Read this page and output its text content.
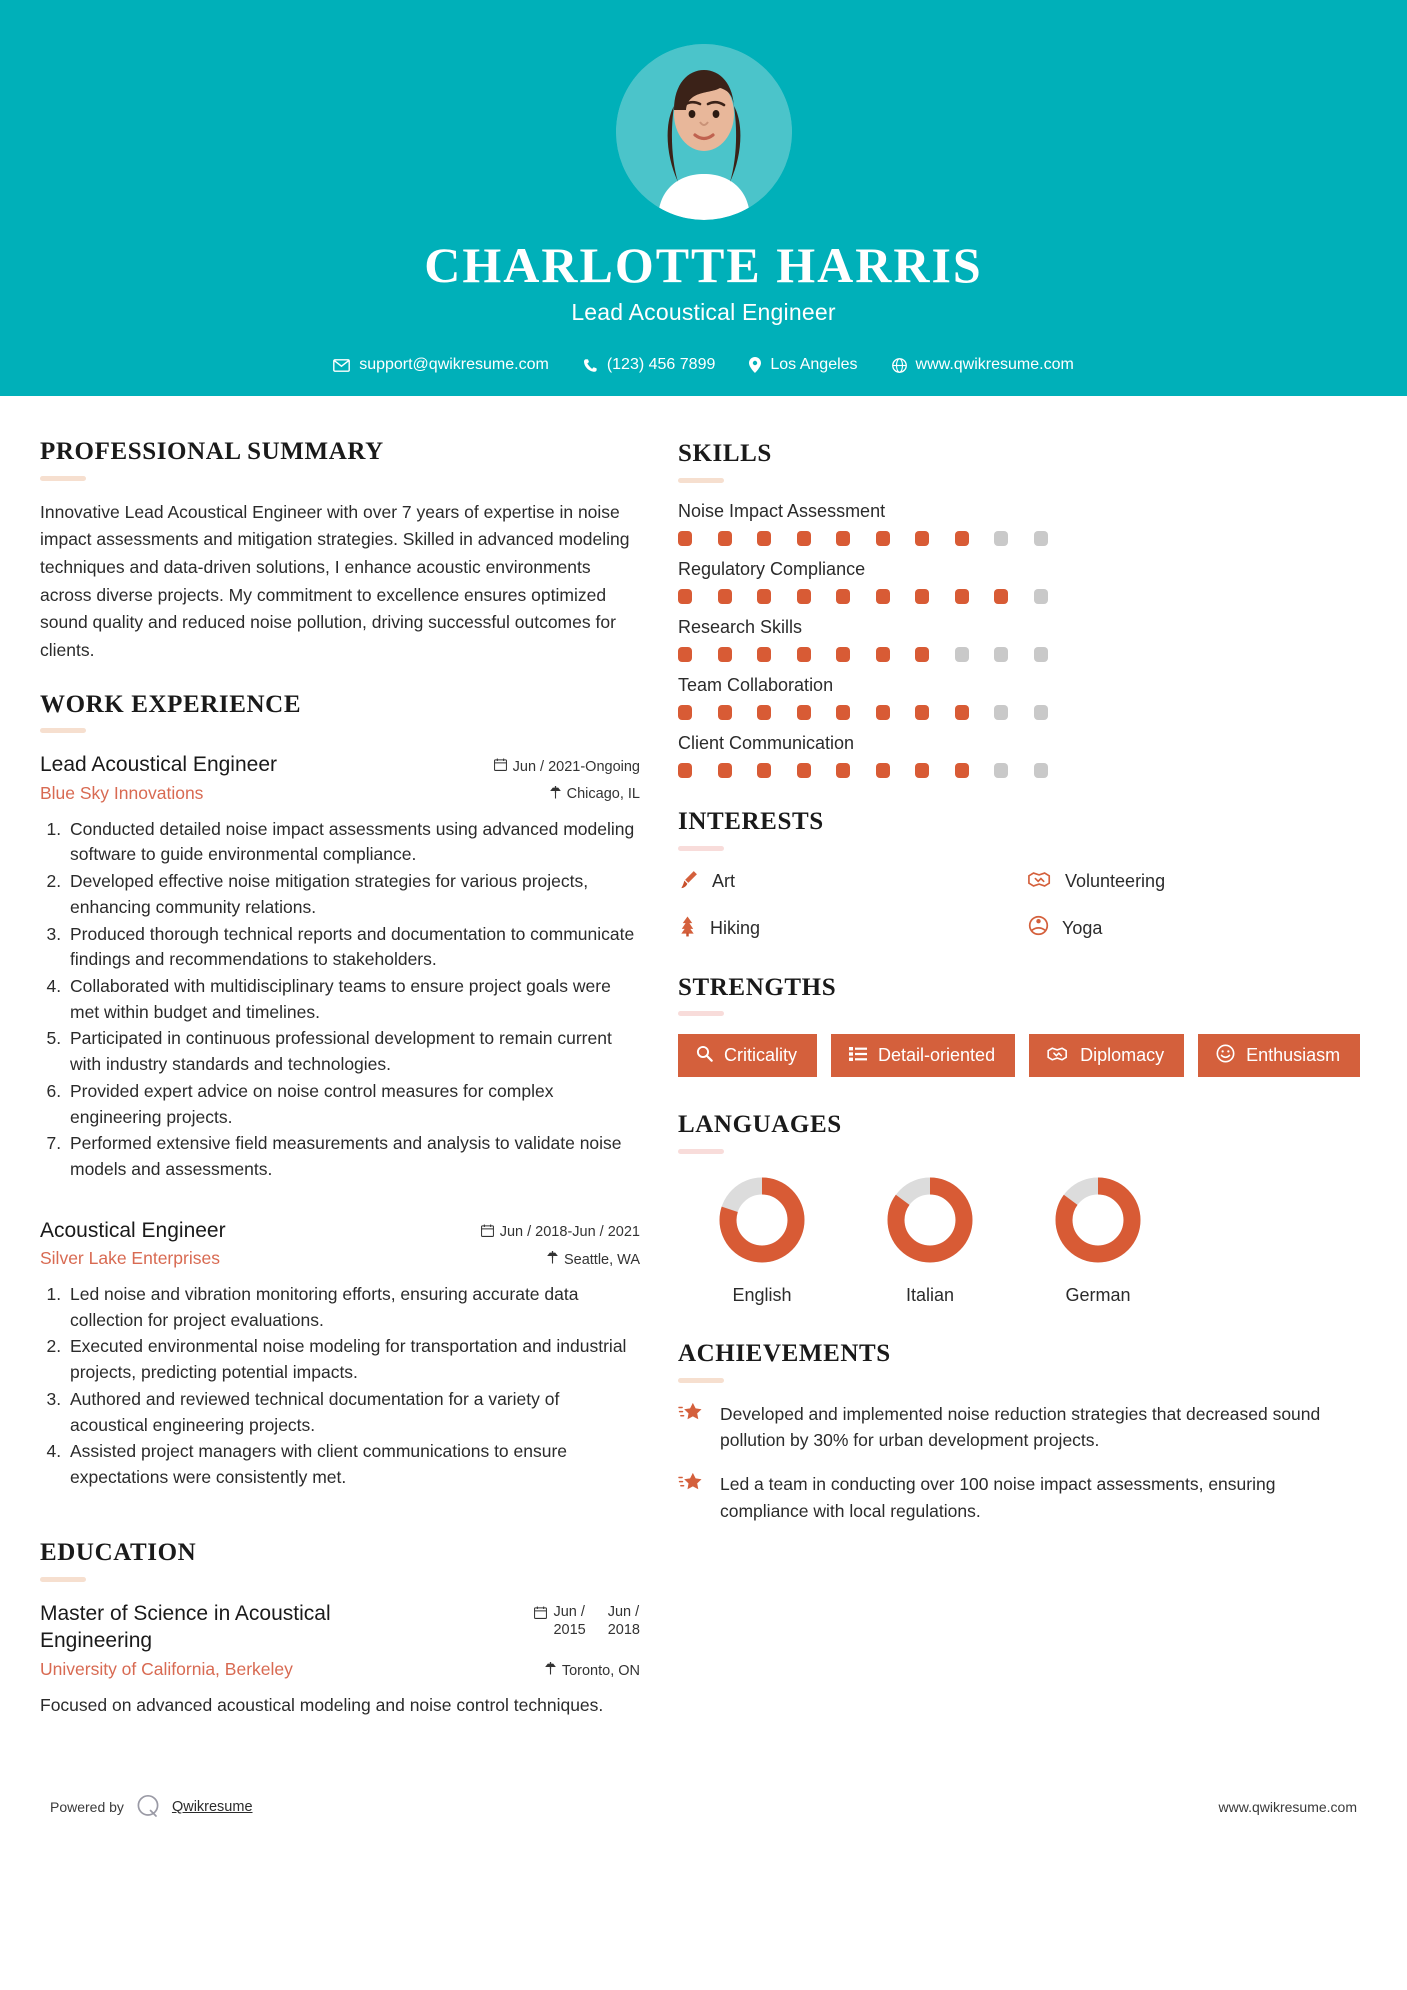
CHARLOTTE HARRIS
Lead Acoustical Engineer
support@qwikresume.com	(123) 456 7899	Los Angeles	www.qwikresume.com
PROFESSIONAL SUMMARY
Innovative Lead Acoustical Engineer with over 7 years of expertise in noise impact assessments and mitigation strategies. Skilled in advanced modeling techniques and data-driven solutions, I enhance acoustic environments across diverse projects. My commitment to excellence ensures optimized sound quality and reduced noise pollution, driving successful outcomes for clients.
WORK EXPERIENCE
Lead Acoustical Engineer	Jun / 2021-Ongoing
Blue Sky Innovations	Chicago, IL
1. Conducted detailed noise impact assessments using advanced modeling software to guide environmental compliance.
2. Developed effective noise mitigation strategies for various projects, enhancing community relations.
3. Produced thorough technical reports and documentation to communicate findings and recommendations to stakeholders.
4. Collaborated with multidisciplinary teams to ensure project goals were met within budget and timelines.
5. Participated in continuous professional development to remain current with industry standards and technologies.
6. Provided expert advice on noise control measures for complex engineering projects.
7. Performed extensive field measurements and analysis to validate noise models and assessments.
Acoustical Engineer	Jun / 2018-Jun / 2021
Silver Lake Enterprises	Seattle, WA
1. Led noise and vibration monitoring efforts, ensuring accurate data collection for project evaluations.
2. Executed environmental noise modeling for transportation and industrial projects, predicting potential impacts.
3. Authored and reviewed technical documentation for a variety of acoustical engineering projects.
4. Assisted project managers with client communications to ensure expectations were consistently met.
EDUCATION
Master of Science in Acoustical Engineering
Jun /
2015
Jun /
2018
University of California, Berkeley	Toronto, ON
Focused on advanced acoustical modeling and noise control techniques.
SKILLS
Noise Impact Assessment
Regulatory Compliance
Research Skills
Team Collaboration
Client Communication
INTERESTS
Art	Volunteering
Hiking	Yoga
STRENGTHS
Criticality	Detail-oriented	Diplomacy	Enthusiasm
LANGUAGES
English	Italian	German
ACHIEVEMENTS
Developed and implemented noise reduction strategies that decreased sound pollution by 30% for urban development projects.
Led a team in conducting over 100 noise impact assessments, ensuring compliance with local regulations.
Powered by	Qwikresume	www.qwikresume.com
